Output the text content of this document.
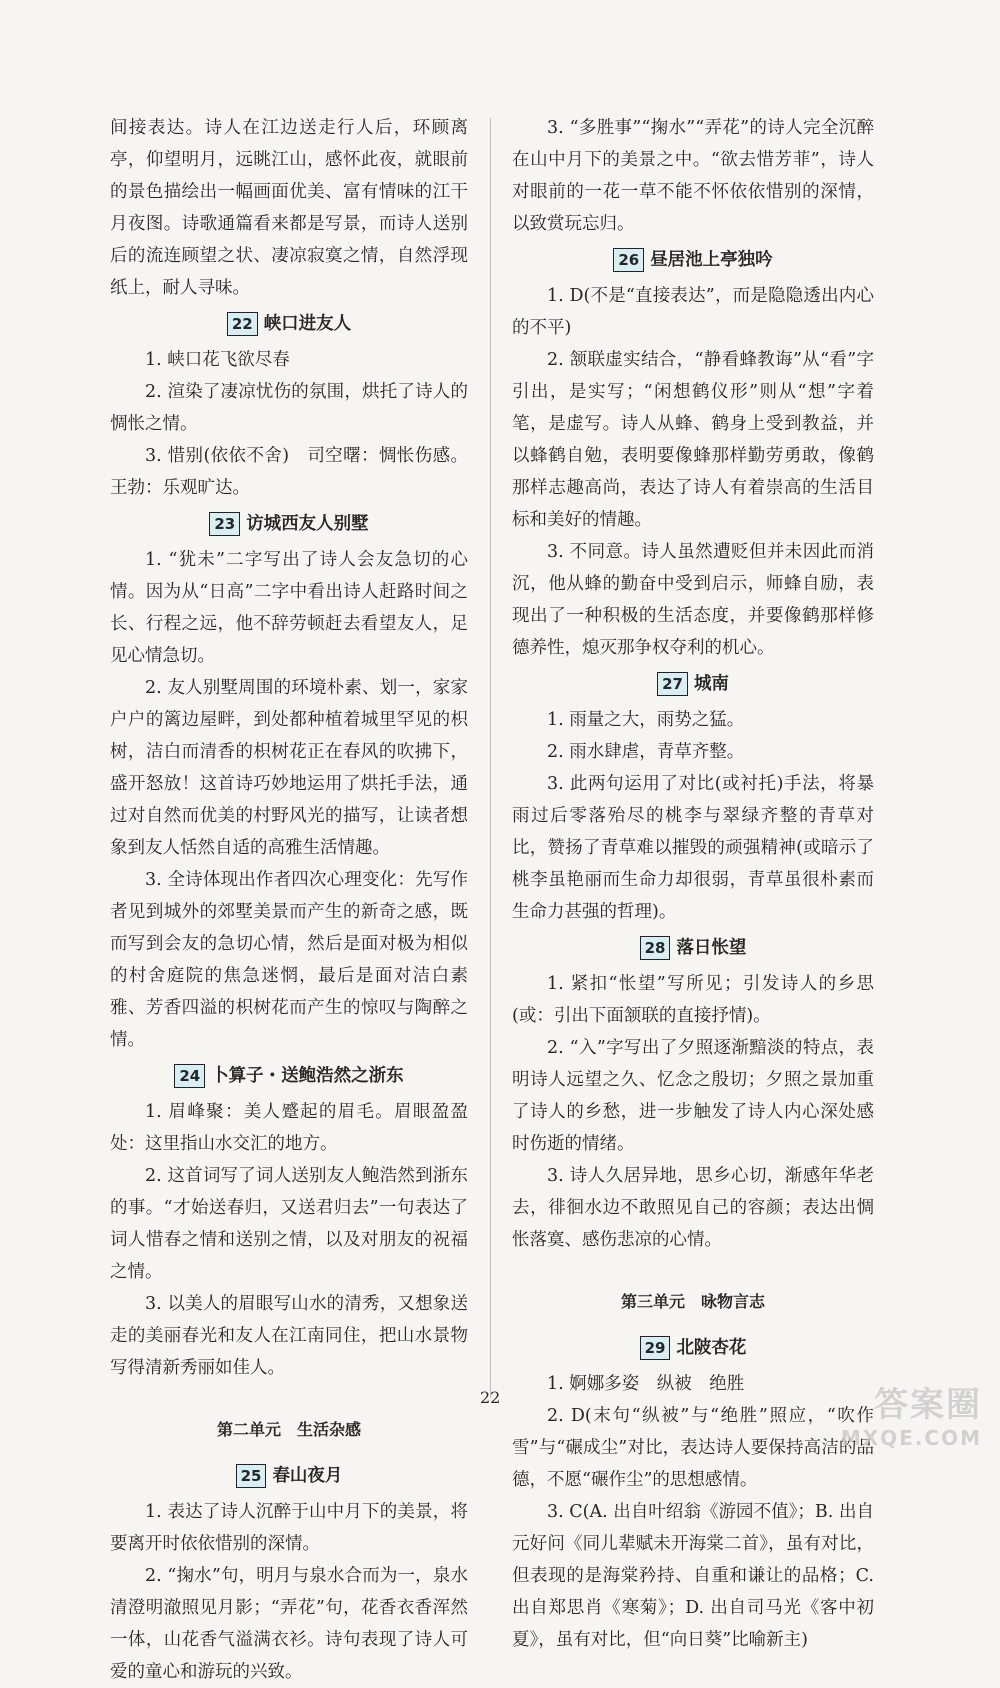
间接表达。诗人在江边送走行人后，环顾离亭，仰望明月，远眺江山，感怀此夜，就眼前的景色描绘出一幅画面优美、富有情味的江干月夜图。诗歌通篇看来都是写景，而诗人送别后的流连顾望之状、凄凉寂寞之情，自然浮现纸上，耐人寻味。

22 峡口进友人

1. 峡口花飞欲尽春

2. 渲染了凄凉忧伤的氛围，烘托了诗人的惆怅之情。

3. 惜别(依依不舍)　司空曙：惆怅伤感。王勃：乐观旷达。

23 访城西友人别墅

1. “犹未”二字写出了诗人会友急切的心情。因为从“日高”二字中看出诗人赶路时间之长、行程之远，他不辞劳顿赶去看望友人，足见心情急切。

2. 友人别墅周围的环境朴素、划一，家家户户的篱边屋畔，到处都种植着城里罕见的枳树，洁白而清香的枳树花正在春风的吹拂下，盛开怒放！这首诗巧妙地运用了烘托手法，通过对自然而优美的村野风光的描写，让读者想象到友人恬然自适的高雅生活情趣。

3. 全诗体现出作者四次心理变化：先写作者见到城外的郊墅美景而产生的新奇之感，既而写到会友的急切心情，然后是面对极为相似的村舍庭院的焦急迷惘，最后是面对洁白素雅、芳香四溢的枳树花而产生的惊叹与陶醉之情。

24 卜算子・送鲍浩然之浙东

1. 眉峰聚：美人蹙起的眉毛。眉眼盈盈处：这里指山水交汇的地方。

2. 这首词写了词人送别友人鲍浩然到浙东的事。“才始送春归，又送君归去”一句表达了词人惜春之情和送别之情，以及对朋友的祝福之情。

3. 以美人的眉眼写山水的清秀，又想象送走的美丽春光和友人在江南同住，把山水景物写得清新秀丽如佳人。

第二单元　生活杂感
25 春山夜月

1. 表达了诗人沉醉于山中月下的美景，将要离开时依依惜别的深情。

2. “掬水”句，明月与泉水合而为一，泉水清澄明澈照见月影；“弄花”句，花香衣香浑然一体，山花香气溢满衣衫。诗句表现了诗人可爱的童心和游玩的兴致。

3. “多胜事”“掬水”“弄花”的诗人完全沉醉在山中月下的美景之中。“欲去惜芳菲”，诗人对眼前的一花一草不能不怀依依惜别的深情，以致赏玩忘归。

26 昼居池上亭独吟

1. D(不是“直接表达”，而是隐隐透出内心的不平)

2. 颔联虚实结合，“静看蜂教诲”从“看”字引出，是实写；“闲想鹤仪形”则从“想”字着笔，是虚写。诗人从蜂、鹤身上受到教益，并以蜂鹤自勉，表明要像蜂那样勤劳勇敢，像鹤那样志趣高尚，表达了诗人有着崇高的生活目标和美好的情趣。

3. 不同意。诗人虽然遭贬但并未因此而消沉，他从蜂的勤奋中受到启示，师蜂自励，表现出了一种积极的生活态度，并要像鹤那样修德养性，熄灭那争权夺利的机心。

27 城南

1. 雨量之大，雨势之猛。

2. 雨水肆虐，青草齐整。

3. 此两句运用了对比(或衬托)手法，将暴雨过后零落殆尽的桃李与翠绿齐整的青草对比，赞扬了青草难以摧毁的顽强精神(或暗示了桃李虽艳丽而生命力却很弱，青草虽很朴素而生命力甚强的哲理)。

28 落日怅望

1. 紧扣“怅望”写所见；引发诗人的乡思(或：引出下面颔联的直接抒情)。

2. “入”字写出了夕照逐渐黯淡的特点，表明诗人远望之久、忆念之殷切；夕照之景加重了诗人的乡愁，进一步触发了诗人内心深处感时伤逝的情绪。

3. 诗人久居异地，思乡心切，渐感年华老去，徘徊水边不敢照见自己的容颜；表达出惆怅落寞、感伤悲凉的心情。

第三单元　咏物言志
29 北陂杏花

1. 婀娜多姿　纵被　绝胜

2. D(末句“纵被”与“绝胜”照应，“吹作雪”与“碾成尘”对比，表达诗人要保持高洁的品德，不愿“碾作尘”的思想感情。

3. C(A. 出自叶绍翁《游园不值》；B. 出自元好问《同儿辈赋未开海棠二首》，虽有对比，但表现的是海棠矜持、自重和谦让的品格；C. 出自郑思肖《寒菊》；D. 出自司马光《客中初夏》，虽有对比，但“向日葵”比喻新主)

22	答案圈
MXQE.COM
